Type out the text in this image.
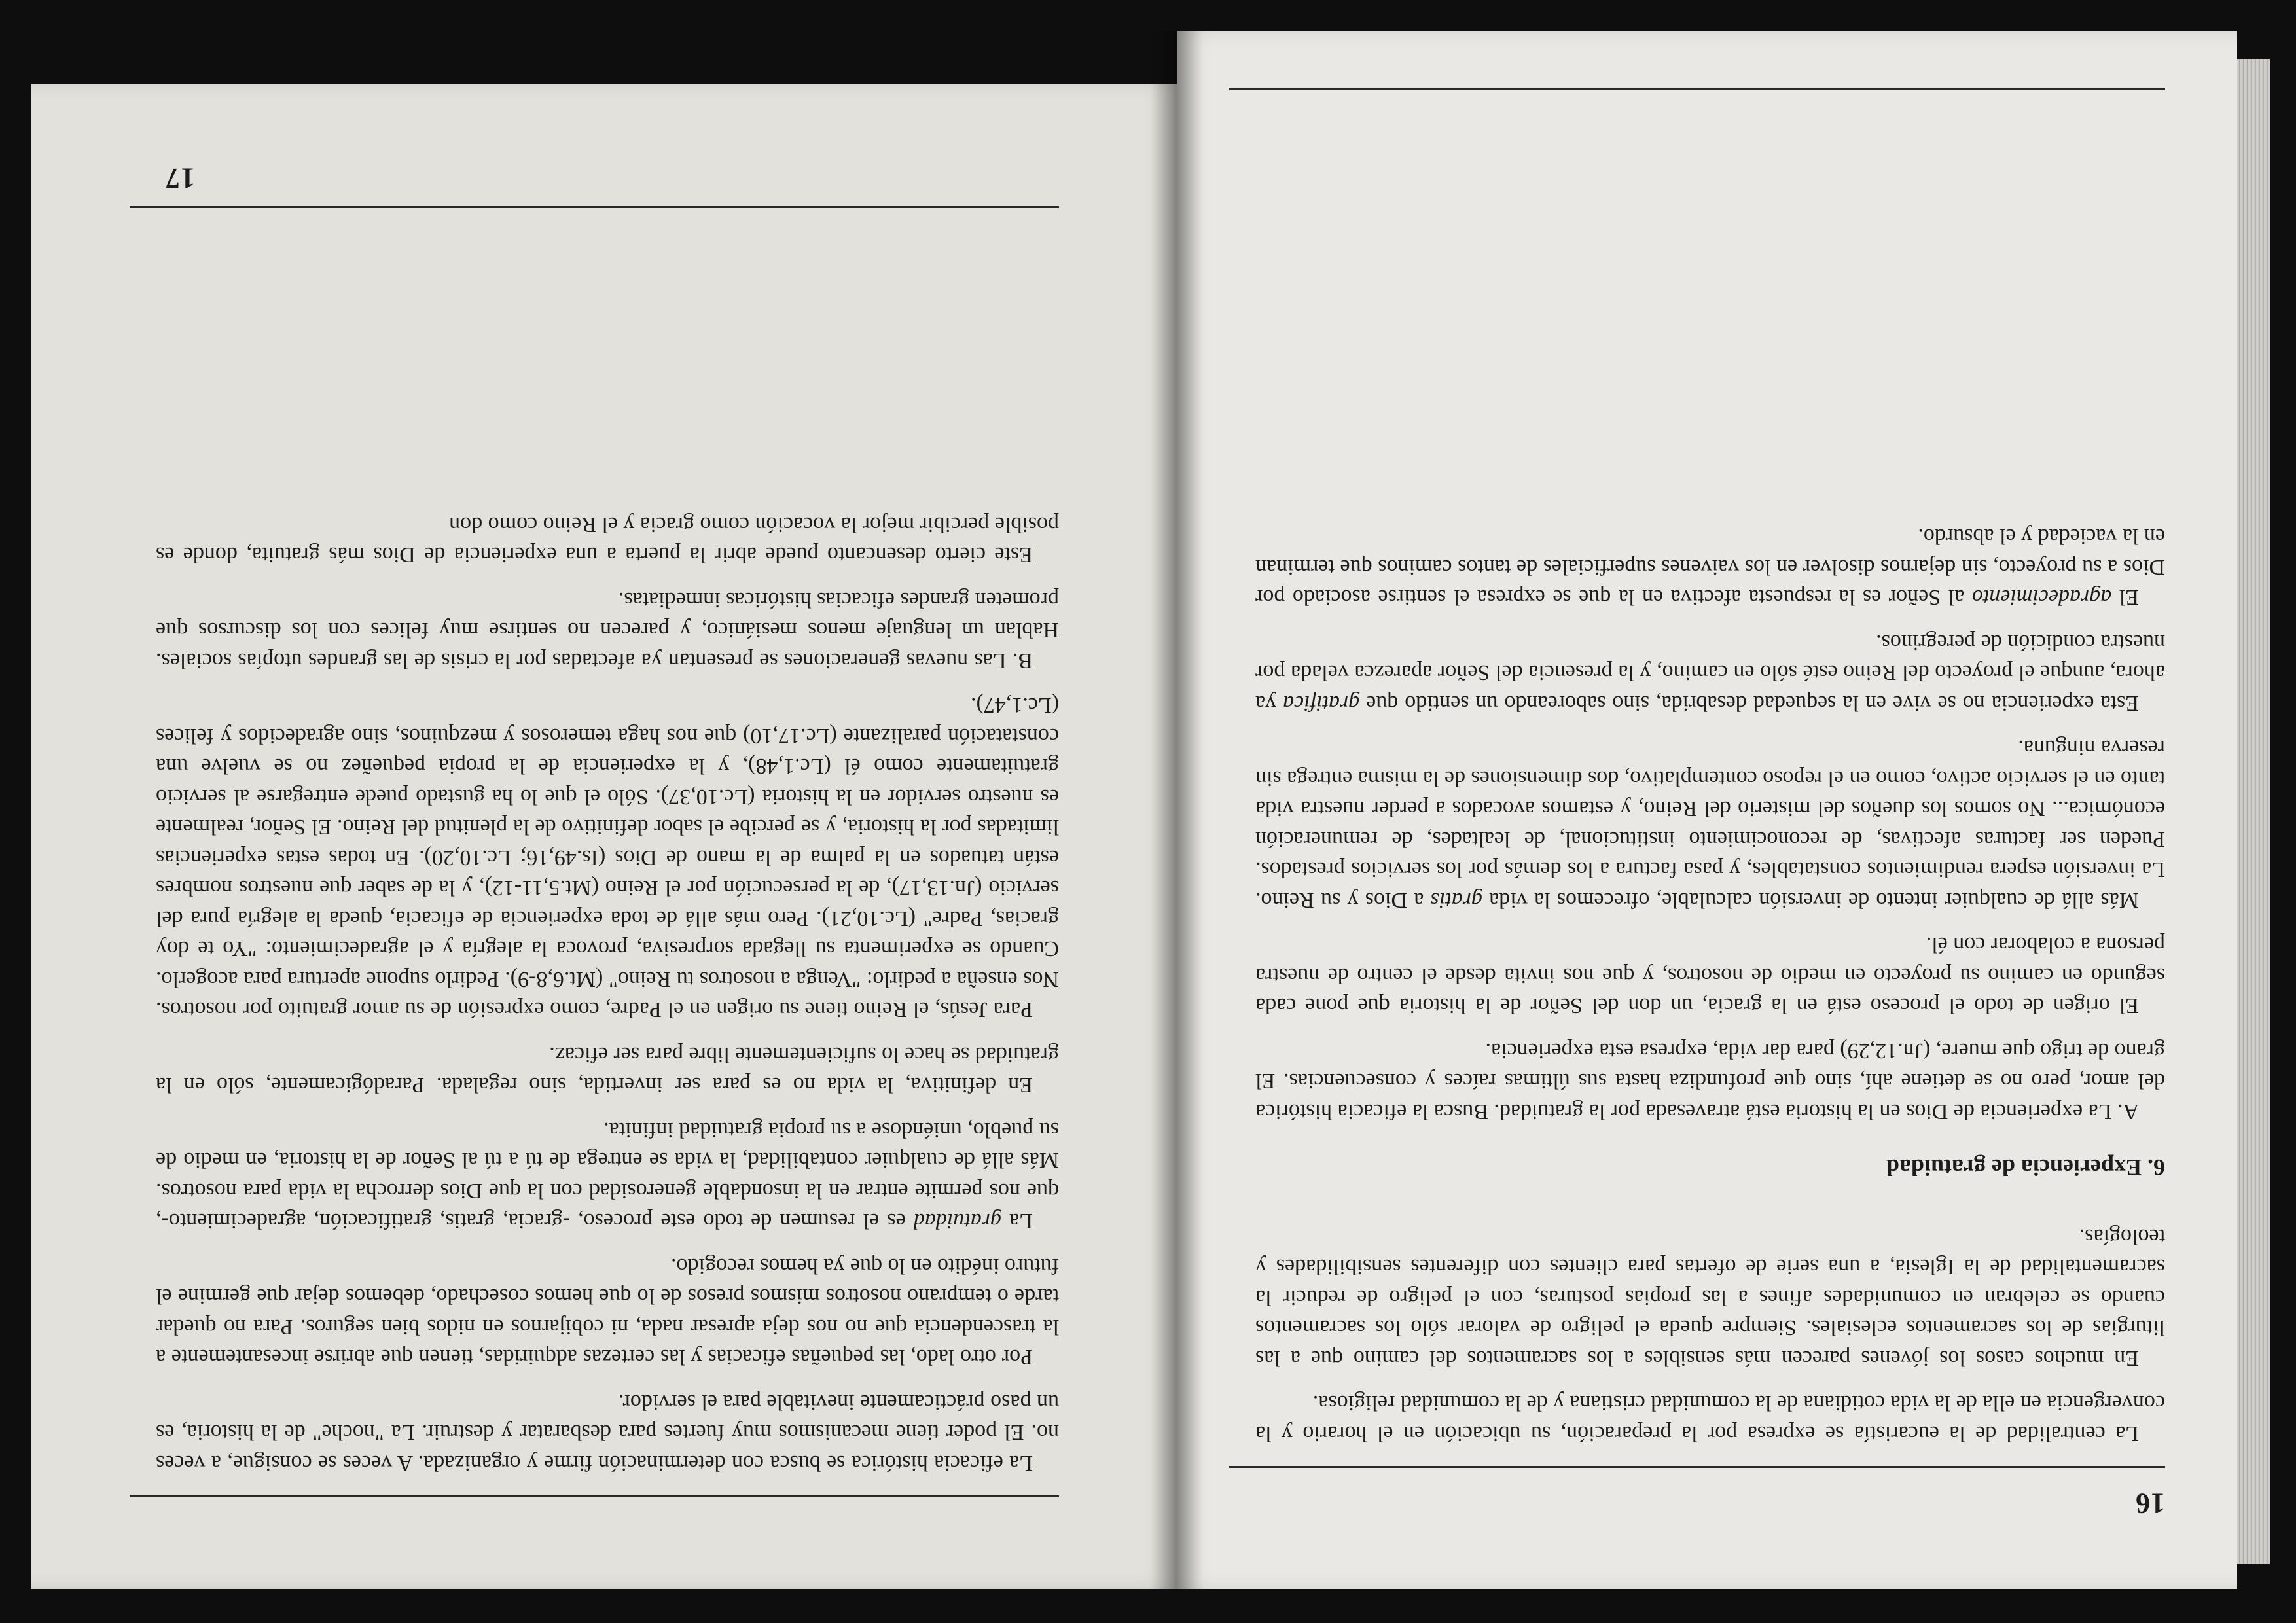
16

La centralidad de la eucaristía se expresa por la preparación, su ubicación en el horario y la convergencia en ella de la vida cotidiana de la comunidad cristiana y de la comunidad religiosa.

En muchos casos los jóvenes parecen más sensibles a los sacramentos del camino que a las liturgias de los sacramentos eclesiales. Siempre queda el peligro de valorar sólo los sacramentos cuando se celebran en comunidades afines a las propias posturas, con el peligro de reducir la sacramentalidad de la Iglesia, a una serie de ofertas para clientes con diferentes sensibilidades y teologías.

6. Experiencia de gratuidad

A. La experiencia de Dios en la historia está atravesada por la gratuidad. Busca la eficacia histórica del amor, pero no se detiene ahí, sino que profundiza hasta sus últimas raíces y consecuencias. El grano de trigo que muere, (Jn.12,29) para dar vida, expresa esta experiencia.

El origen de todo el proceso está en la gracia, un don del Señor de la historia que pone cada segundo en camino su proyecto en medio de nosotros, y que nos invita desde el centro de nuestra persona a colaborar con él.

Más allá de cualquier intento de inversión calculable, ofrecemos la vida gratis a Dios y su Reino. La inversión espera rendimientos constatables, y pasa factura a los demás por los servicios prestados. Pueden ser facturas afectivas, de reconocimiento institucional, de lealtades, de remuneración económica... No somos los dueños del misterio del Reino, y estamos avocados a perder nuestra vida tanto en el servicio activo, como en el reposo contemplativo, dos dimensiones de la misma entrega sin reserva ninguna.

Esta experiencia no se vive en la sequedad desabrida, sino saboreando un sentido que gratifica ya ahora, aunque el proyecto del Reino esté sólo en camino, y la presencia del Señor aparezca velada por nuestra condición de peregrinos.

El agradecimiento al Señor es la respuesta afectiva en la que se expresa el sentirse asociado por Dios a su proyecto, sin dejarnos disolver en los vaivenes superficiales de tantos caminos que terminan en la vaciedad y el absurdo.

La eficacia histórica se busca con determinación firme y organizada. A veces se consigue, a veces no. El poder tiene mecanismos muy fuertes para desbaratar y destruir. La "noche" de la historia, es un paso prácticamente inevitable para el servidor.

Por otro lado, las pequeñas eficacias y las certezas adquiridas, tienen que abrirse incesantemente a la trascendencia que no nos deja apresar nada, ni cobijarnos en nidos bien seguros. Para no quedar tarde o temprano nosotros mismos presos de lo que hemos cosechado, debemos dejar que germine el futuro inédito en lo que ya hemos recogido.

La gratuidad es el resumen de todo este proceso, -gracia, gratis, gratificación, agradecimiento-, que nos permite entrar en la insondable generosidad con la que Dios derrocha la vida para nosotros. Más allá de cualquier contabilidad, la vida se entrega de tú a tú al Señor de la historia, en medio de su pueblo, uniéndose a su propia gratuidad infinita.

En definitiva, la vida no es para ser invertida, sino regalada. Paradógicamente, sólo en la gratuidad se hace lo suficientemente libre para ser eficaz.

Para Jesús, el Reino tiene su origen en el Padre, como expresión de su amor gratuito por nosotros. Nos enseña a pedirlo: "Venga a nosotros tu Reino" (Mt.6,8-9). Pedirlo supone apertura para acogerlo. Cuando se experimenta su llegada sorpresiva, provoca la alegría y el agradecimiento: "Yo te doy gracias, Padre" (Lc.10,21). Pero más allá de toda experiencia de eficacia, queda la alegría pura del servicio (Jn.13,17), de la persecución por el Reino (Mt.5,11-12), y la de saber que nuestros nombres están tatuados en la palma de la mano de Dios (Is.49,16; Lc.10,20). En todas estas experiencias limitadas por la historia, y se percibe el sabor definitivo de la plenitud del Reino. El Señor, realmente es nuestro servidor en la historia (Lc.10,37). Sólo el que lo ha gustado puede entregarse al servicio gratuitamente como él (Lc.1,48), y la experiencia de la propia pequeñez no se vuelve una constatación paralizante (Lc.17,10) que nos haga temerosos y mezquinos, sino agradecidos y felices (Lc.1,47).

B. Las nuevas generaciones se presentan ya afectadas por la crisis de las grandes utopías sociales. Hablan un lenguaje menos mesiánico, y parecen no sentirse muy felices con los discursos que prometen grandes eficacias históricas inmediatas.

Este cierto desencanto puede abrir la puerta a una experiencia de Dios más gratuita, donde es posible percibir mejor la vocación como gracia y el Reino como don

17
